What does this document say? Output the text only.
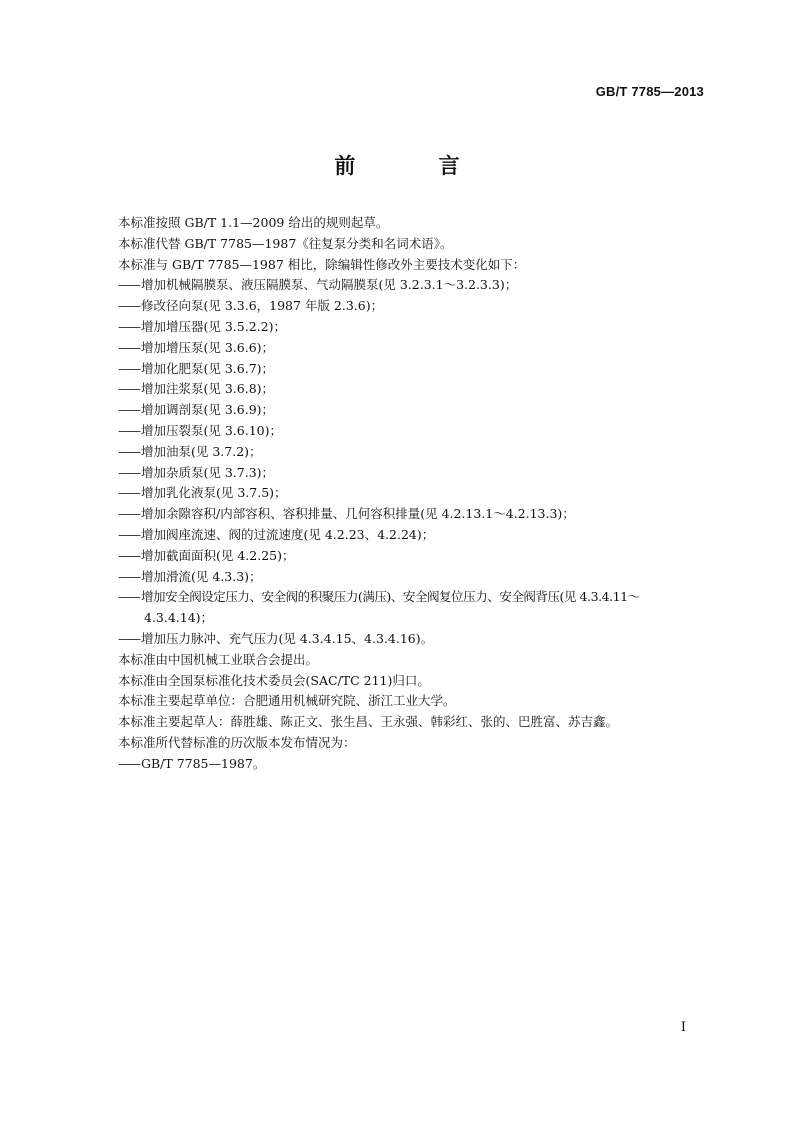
GB/T 7785—2013
前 言
本标准按照 GB/T 1.1—2009 给出的规则起草。
本标准代替 GB/T 7785—1987《往复泵分类和名词术语》。
本标准与 GB/T 7785—1987 相比，除编辑性修改外主要技术变化如下：
—— 增加机械隔膜泵、液压隔膜泵、气动隔膜泵(见 3.2.3.1～3.2.3.3)；
—— 修改径向泵(见 3.3.6，1987 年版 2.3.6)；
—— 增加增压器(见 3.5.2.2)；
—— 增加增压泵(见 3.6.6)；
—— 增加化肥泵(见 3.6.7)；
—— 增加注浆泵(见 3.6.8)；
—— 增加调剖泵(见 3.6.9)；
—— 增加压裂泵(见 3.6.10)；
—— 增加油泵(见 3.7.2)；
—— 增加杂质泵(见 3.7.3)；
—— 增加乳化液泵(见 3.7.5)；
—— 增加余隙容积/内部容积、容积排量、几何容积排量(见 4.2.13.1～4.2.13.3)；
—— 增加阀座流速、阀的过流速度(见 4.2.23、4.2.24)；
—— 增加截面面积(见 4.2.25)；
—— 增加滑流(见 4.3.3)；
—— 增加安全阀设定压力、安全阀的积聚压力(满压)、安全阀复位压力、安全阀背压(见 4.3.4.11～
4.3.4.14)；
—— 增加压力脉冲、充气压力(见 4.3.4.15、4.3.4.16)。
本标准由中国机械工业联合会提出。
本标准由全国泵标准化技术委员会(SAC/TC 211)归口。
本标准主要起草单位：合肥通用机械研究院、浙江工业大学。
本标准主要起草人：薛胜雄、陈正文、张生昌、王永强、韩彩红、张的、巴胜富、苏吉鑫。
本标准所代替标准的历次版本发布情况为：
—— GB/T 7785—1987。
I
